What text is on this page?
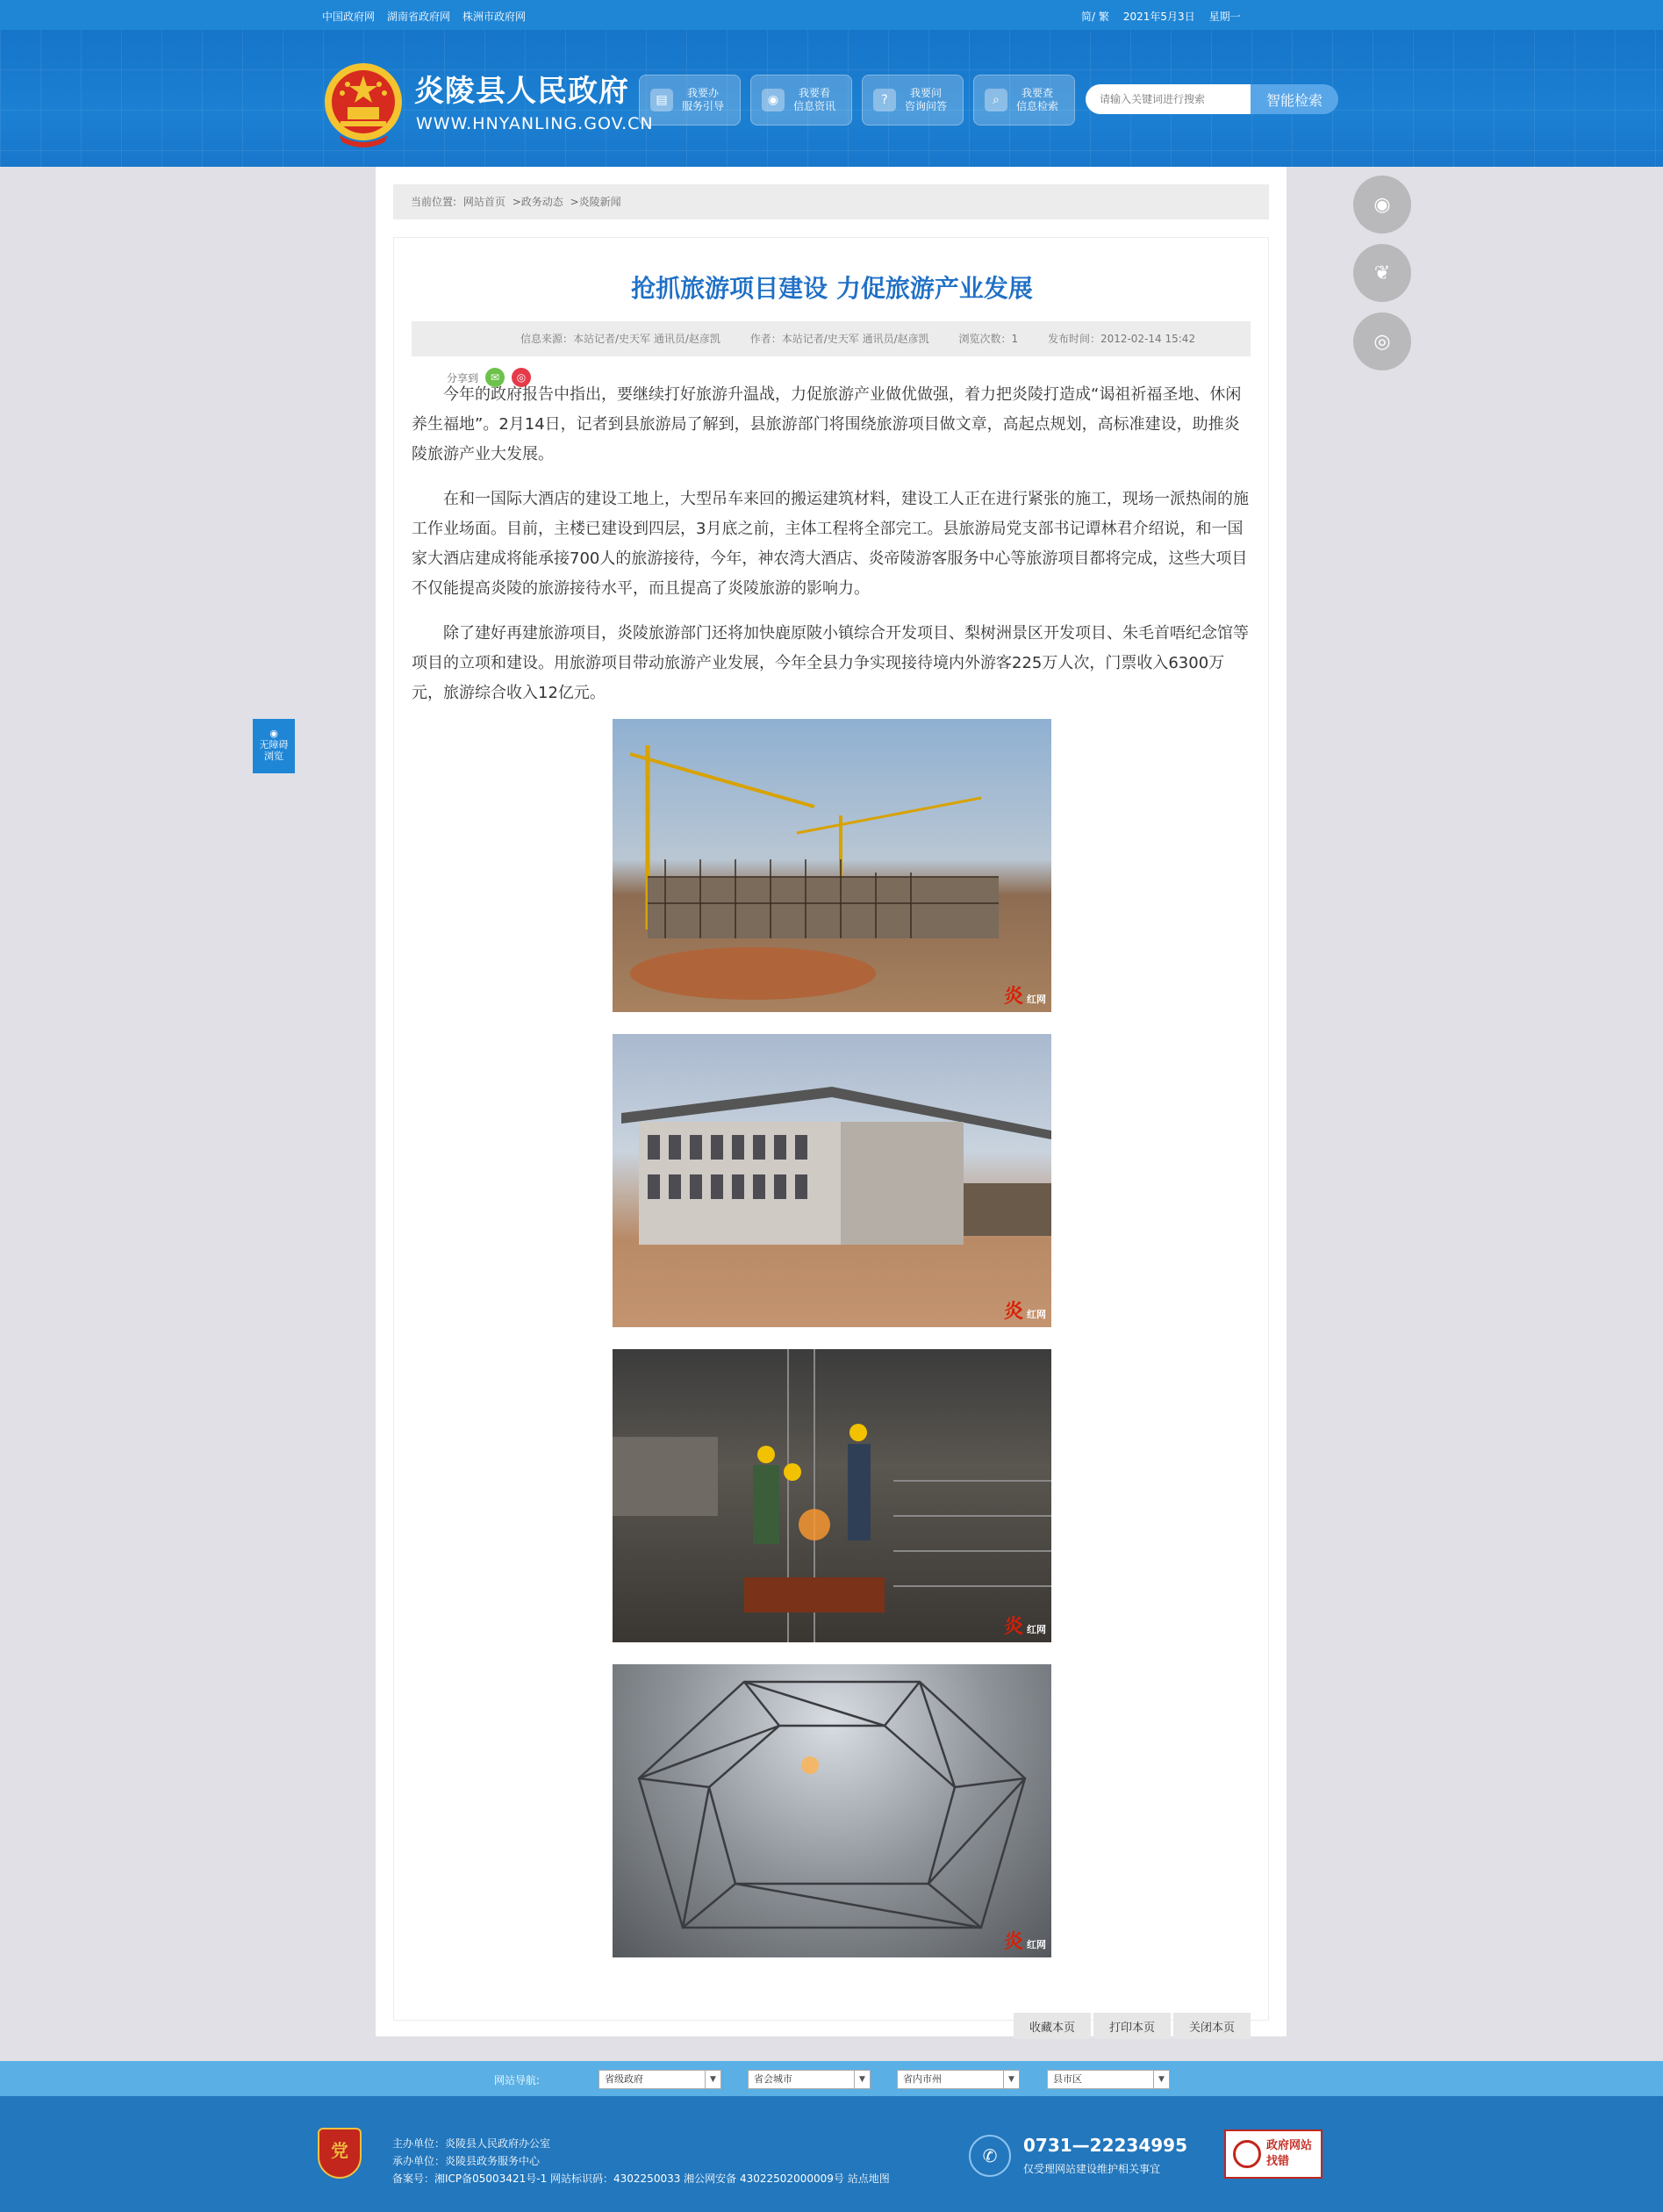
中国政府网 湖南省政府网 株洲市政府网	简/ 繁 2021年5月3日 星期一
炎陵县人民政府
WWW.HNYANLING.GOV.CN
▤	我要办
服务引导	◉	我要看
信息资讯	?	我要问
咨询问答	⌕	我要查
信息检索
请输入关键词进行搜索	智能检索
◉
❦
◎
◉
无障碍
浏览
当前位置: 网站首页 >政务动态 >炎陵新闻
抢抓旅游项目建设 力促旅游产业发展
信息来源：本站记者/史天军 通讯员/赵彦凯	作者：本站记者/史天军 通讯员/赵彦凯	浏览次数：1	发布时间：2012-02-14 15:42
分享到	✉	◎

今年的政府报告中指出，要继续打好旅游升温战，力促旅游产业做优做强，着力把炎陵打造成“谒祖祈福圣地、休闲养生福地”。2月14日，记者到县旅游局了解到，县旅游部门将围绕旅游项目做文章，高起点规划，高标准建设，助推炎陵旅游产业大发展。

在和一国际大酒店的建设工地上，大型吊车来回的搬运建筑材料，建设工人正在进行紧张的施工，现场一派热闹的施工作业场面。目前，主楼已建设到四层，3月底之前，主体工程将全部完工。县旅游局党支部书记谭林君介绍说，和一国家大酒店建成将能承接700人的旅游接待，今年，神农湾大酒店、炎帝陵游客服务中心等旅游项目都将完成，这些大项目不仅能提高炎陵的旅游接待水平，而且提高了炎陵旅游的影响力。

除了建好再建旅游项目，炎陵旅游部门还将加快鹿原陂小镇综合开发项目、梨树洲景区开发项目、朱毛首唔纪念馆等项目的立项和建设。用旅游项目带动旅游产业发展，今年全县力争实现接待境内外游客225万人次，门票收入6300万元，旅游综合收入12亿元。

炎红网
炎红网
炎红网
炎红网
收藏本页	打印本页	关闭本页
网站导航:	省级政府	▼	省会城市	▼	省内市州	▼	县市区	▼
党	主办单位：炎陵县人民政府办公室
承办单位：炎陵县政务服务中心
备案号：湘ICP备05003421号-1 网站标识码：4302250033 湘公网安备 43022502000009号 站点地图
✆	0731—22234995
仅受理网站建设维护相关事宜
政府网站
找错
